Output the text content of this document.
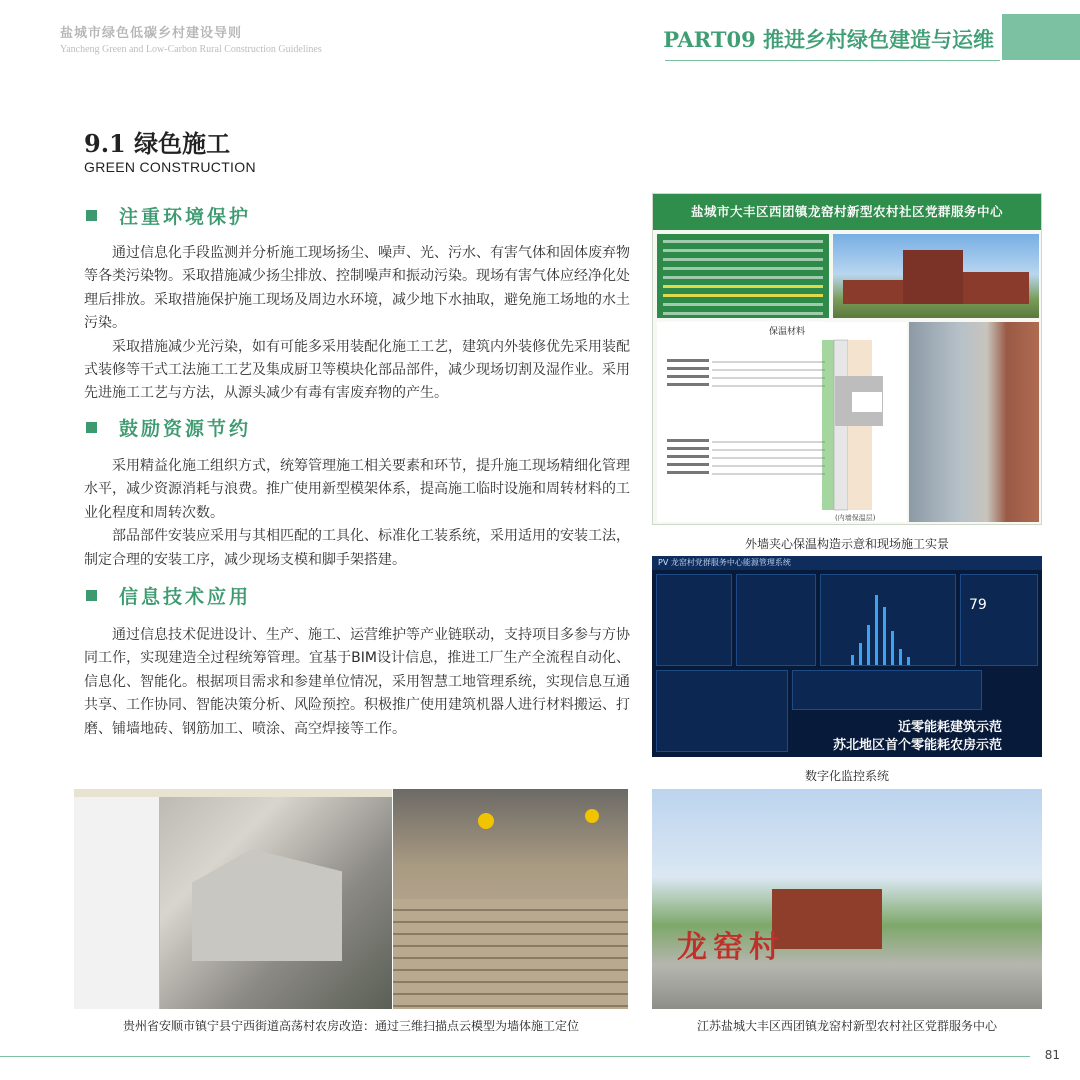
盐城市绿色低碳乡村建设导则
Yancheng Green and Low-Carbon Rural Construction Guidelines	PART09 推进乡村绿色建造与运维
9.1 绿色施工
GREEN CONSTRUCTION
注重环境保护

通过信息化手段监测并分析施工现场扬尘、噪声、光、污水、有害气体和固体废弃物等各类污染物。采取措施减少扬尘排放、控制噪声和振动污染。现场有害气体应经净化处理后排放。采取措施保护施工现场及周边水环境，减少地下水抽取，避免施工场地的水土污染。

采取措施减少光污染，如有可能多采用装配化施工工艺，建筑内外装修优先采用装配式装修等干式工法施工工艺及集成厨卫等模块化部品部件，减少现场切割及湿作业。采用先进施工工艺与方法，从源头减少有毒有害废弃物的产生。

鼓励资源节约

采用精益化施工组织方式，统筹管理施工相关要素和环节，提升施工现场精细化管理水平，减少资源消耗与浪费。推广使用新型模架体系，提高施工临时设施和周转材料的工业化程度和周转次数。

部品部件安装应采用与其相匹配的工具化、标准化工装系统，采用适用的安装工法，制定合理的安装工序，减少现场支模和脚手架搭建。

信息技术应用

通过信息技术促进设计、生产、施工、运营维护等产业链联动，支持项目多参与方协同工作，实现建造全过程统筹管理。宜基于BIM设计信息，推进工厂生产全流程自动化、信息化、智能化。根据项目需求和参建单位情况，采用智慧工地管理系统，实现信息互通共享、工作协同、智能决策分析、风险预控。积极推广使用建筑机器人进行材料搬运、打磨、铺墙地砖、钢筋加工、喷涂、高空焊接等工作。

盐城市大丰区西团镇龙窑村新型农村社区党群服务中心
保温材料
(内墙保温层)
外墙夹心保温构造示意和现场施工实景
PV 龙窑村党群服务中心能源管理系统
79
近零能耗建筑示范
苏北地区首个零能耗农房示范
数字化监控系统
龙窑村
贵州省安顺市镇宁县宁西街道高荡村农房改造：通过三维扫描点云模型为墙体施工定位	江苏盐城大丰区西团镇龙窑村新型农村社区党群服务中心
81
